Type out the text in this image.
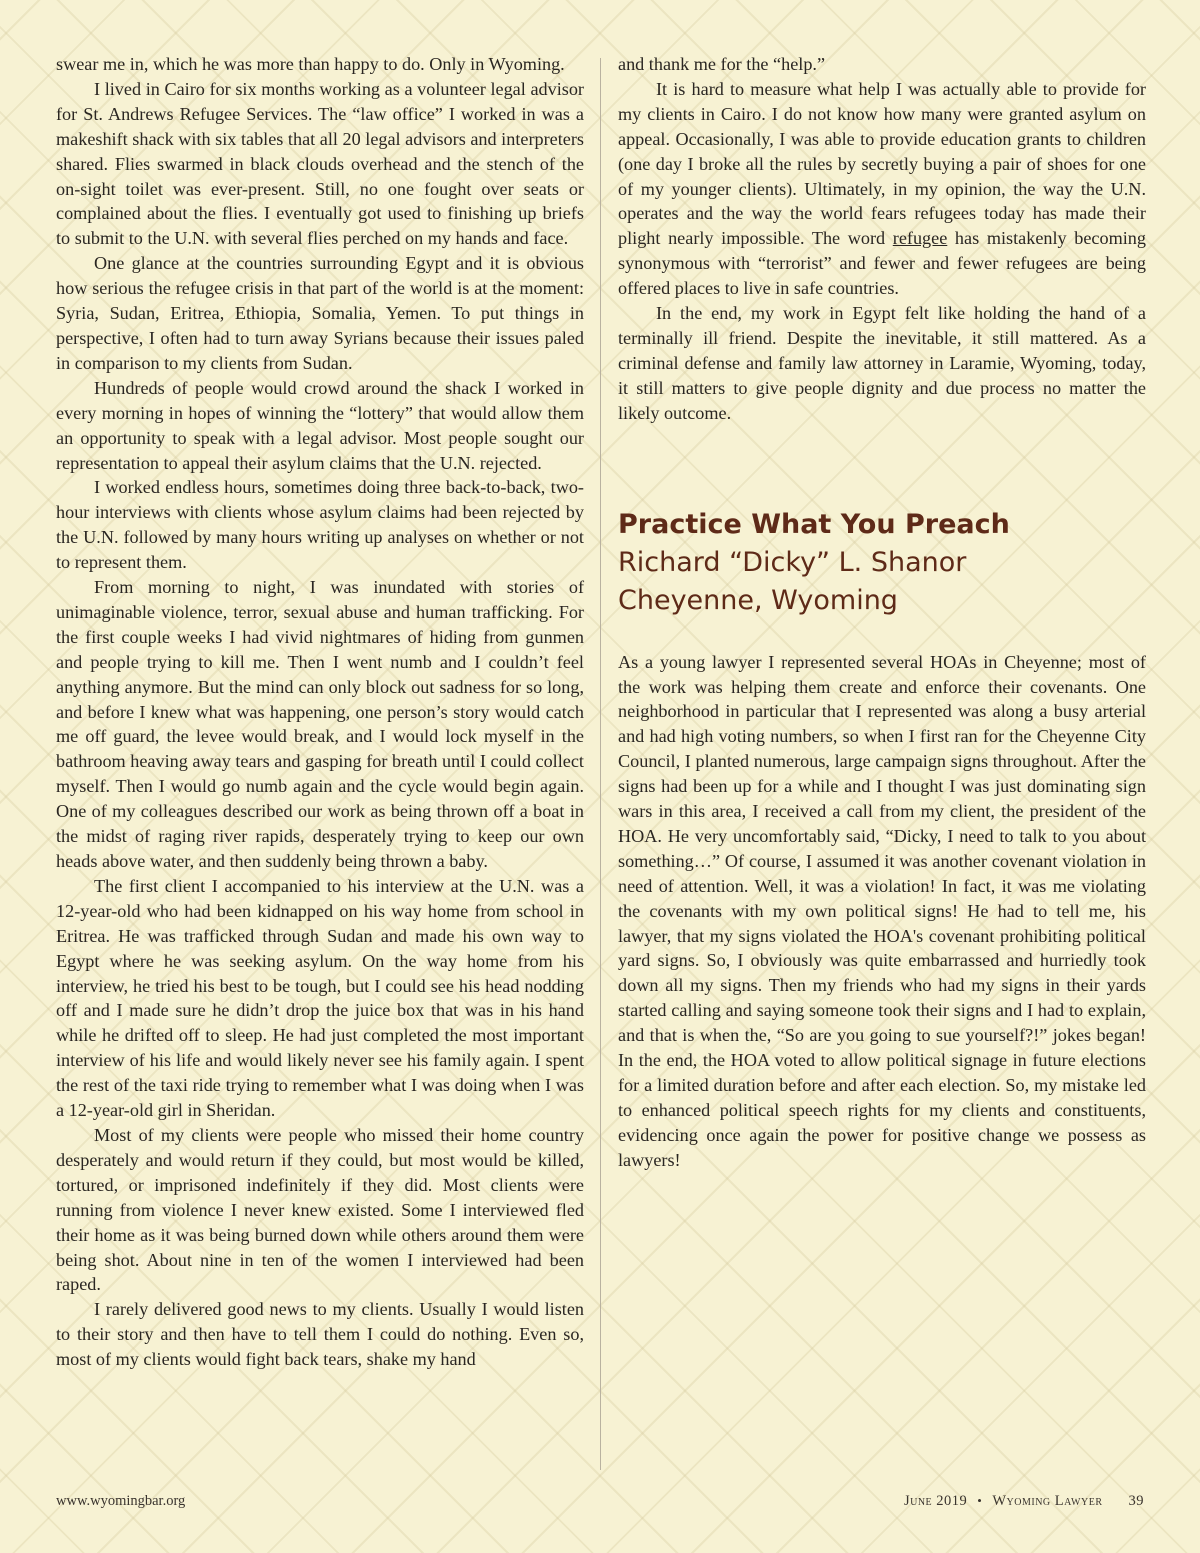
swear me in, which he was more than happy to do. Only in Wyoming.

I lived in Cairo for six months working as a volunteer legal advisor for St. Andrews Refugee Services. The “law office” I worked in was a makeshift shack with six tables that all 20 legal advisors and interpreters shared. Flies swarmed in black clouds overhead and the stench of the on-sight toilet was ever-present. Still, no one fought over seats or complained about the flies. I eventually got used to finishing up briefs to submit to the U.N. with several flies perched on my hands and face.

One glance at the countries surrounding Egypt and it is obvious how serious the refugee crisis in that part of the world is at the moment: Syria, Sudan, Eritrea, Ethiopia, Somalia, Yemen. To put things in perspective, I often had to turn away Syrians because their issues paled in comparison to my clients from Sudan.

Hundreds of people would crowd around the shack I worked in every morning in hopes of winning the “lottery” that would allow them an opportunity to speak with a legal advisor. Most people sought our representation to appeal their asylum claims that the U.N. rejected.

I worked endless hours, sometimes doing three back-to-back, two-hour interviews with clients whose asylum claims had been rejected by the U.N. followed by many hours writing up analyses on whether or not to represent them.

From morning to night, I was inundated with stories of unimaginable violence, terror, sexual abuse and human trafficking. For the first couple weeks I had vivid nightmares of hiding from gunmen and people trying to kill me. Then I went numb and I couldn’t feel anything anymore. But the mind can only block out sadness for so long, and before I knew what was happening, one person’s story would catch me off guard, the levee would break, and I would lock myself in the bathroom heaving away tears and gasping for breath until I could collect myself. Then I would go numb again and the cycle would begin again. One of my colleagues described our work as being thrown off a boat in the midst of raging river rapids, desperately trying to keep our own heads above water, and then suddenly being thrown a baby.

The first client I accompanied to his interview at the U.N. was a 12-year-old who had been kidnapped on his way home from school in Eritrea. He was trafficked through Sudan and made his own way to Egypt where he was seeking asylum. On the way home from his interview, he tried his best to be tough, but I could see his head nodding off and I made sure he didn’t drop the juice box that was in his hand while he drifted off to sleep. He had just completed the most important interview of his life and would likely never see his family again. I spent the rest of the taxi ride trying to remember what I was doing when I was a 12-year-old girl in Sheridan.

Most of my clients were people who missed their home country desperately and would return if they could, but most would be killed, tortured, or imprisoned indefinitely if they did. Most clients were running from violence I never knew existed. Some I interviewed fled their home as it was being burned down while others around them were being shot. About nine in ten of the women I interviewed had been raped.

I rarely delivered good news to my clients. Usually I would listen to their story and then have to tell them I could do nothing. Even so, most of my clients would fight back tears, shake my hand

and thank me for the “help.”

It is hard to measure what help I was actually able to provide for my clients in Cairo. I do not know how many were granted asylum on appeal. Occasionally, I was able to provide education grants to children (one day I broke all the rules by secretly buying a pair of shoes for one of my younger clients). Ultimately, in my opinion, the way the U.N. operates and the way the world fears refugees today has made their plight nearly impossible. The word refugee has mistakenly becoming synonymous with “terrorist” and fewer and fewer refugees are being offered places to live in safe countries.

In the end, my work in Egypt felt like holding the hand of a terminally ill friend. Despite the inevitable, it still mattered. As a criminal defense and family law attorney in Laramie, Wyoming, today, it still matters to give people dignity and due process no matter the likely outcome.

Practice What You Preach
Richard “Dicky” L. Shanor
Cheyenne, Wyoming

As a young lawyer I represented several HOAs in Cheyenne; most of the work was helping them create and enforce their covenants. One neighborhood in particular that I represented was along a busy arterial and had high voting numbers, so when I first ran for the Cheyenne City Council, I planted numerous, large campaign signs throughout. After the signs had been up for a while and I thought I was just dominating sign wars in this area, I received a call from my client, the president of the HOA. He very uncomfortably said, “Dicky, I need to talk to you about something…” Of course, I assumed it was another covenant violation in need of attention. Well, it was a violation! In fact, it was me violating the covenants with my own political signs! He had to tell me, his lawyer, that my signs violated the HOA's covenant prohibiting political yard signs. So, I obviously was quite embarrassed and hurriedly took down all my signs. Then my friends who had my signs in their yards started calling and saying someone took their signs and I had to explain, and that is when the, “So are you going to sue yourself?!” jokes began! In the end, the HOA voted to allow political signage in future elections for a limited duration before and after each election. So, my mistake led to enhanced political speech rights for my clients and constituents, evidencing once again the power for positive change we possess as lawyers!

www.wyomingbar.org	June 2019 • Wyoming Lawyer 39
